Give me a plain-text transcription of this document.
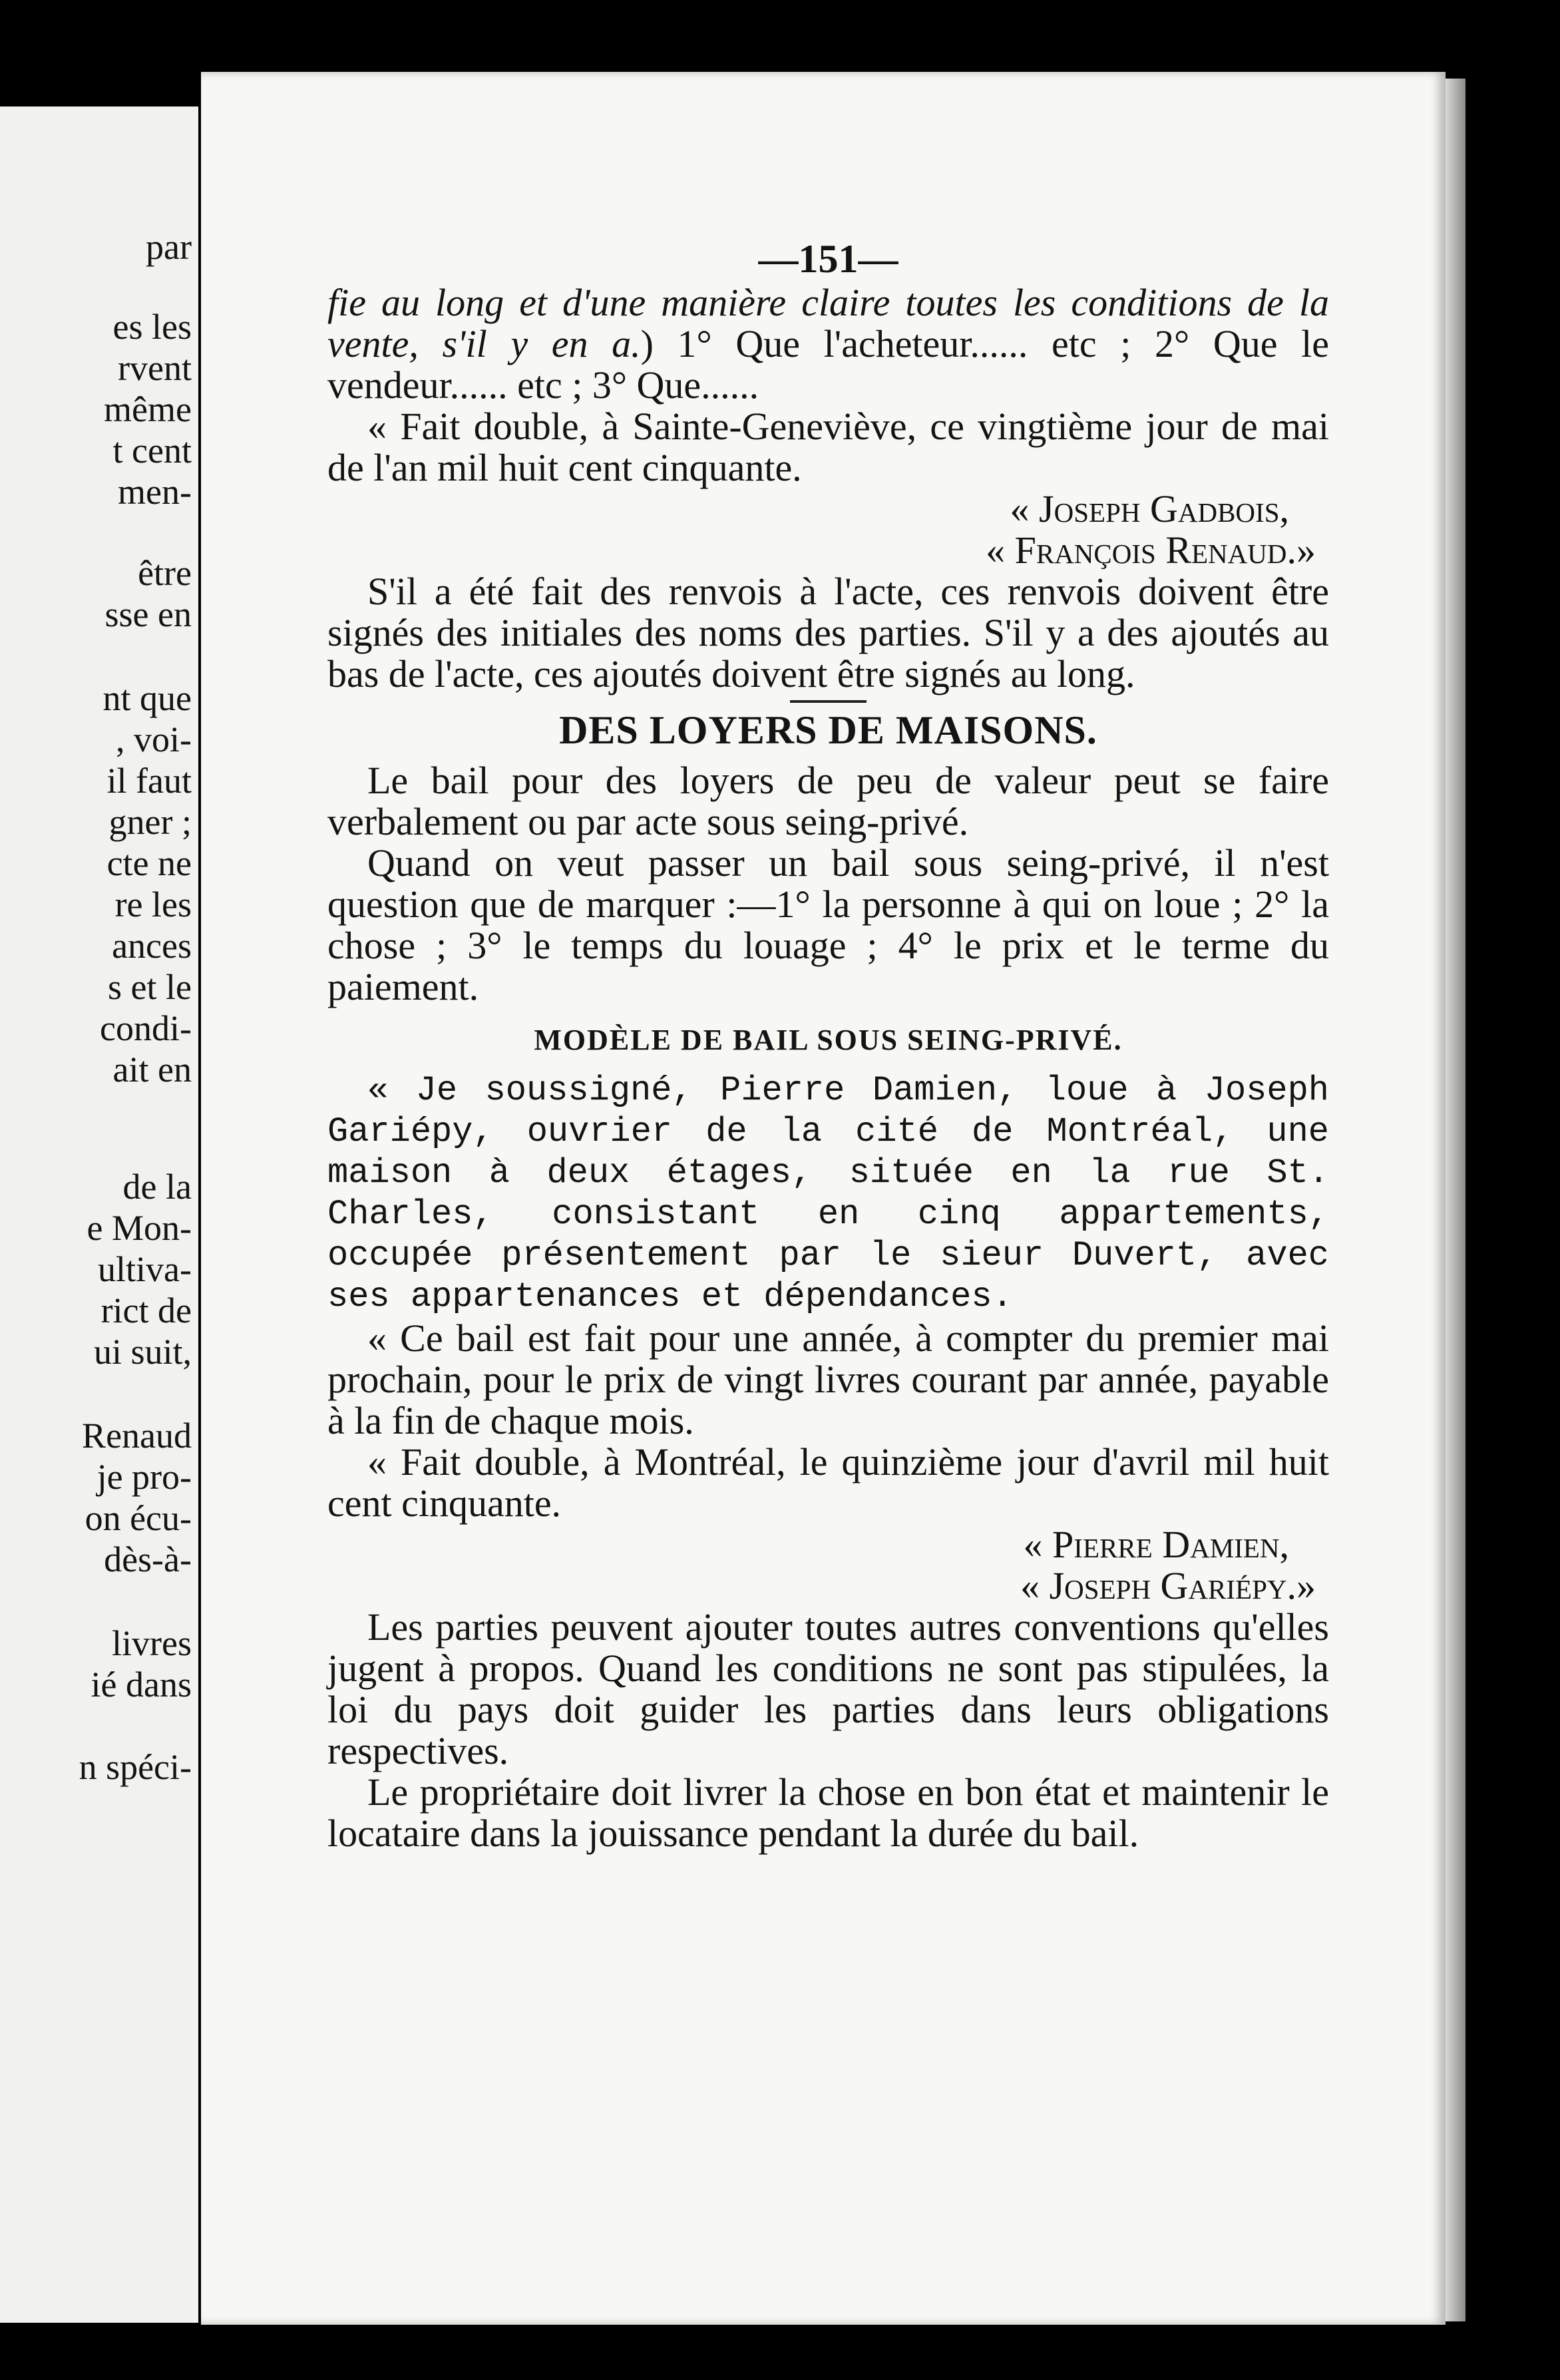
par
es les
rvent
même
t cent
men-
être
sse en
nt que
, voi-
il faut
gner ;
cte ne
re les
ances
s et le
condi-
ait en
de la
e Mon-
ultiva-
rict de
ui suit,
Renaud
je pro-
on écu-
dès-à-
livres
ié dans
n spéci-
—151—

fie au long et d'une manière claire toutes les conditions de la vente, s'il y en a.) 1° Que l'acheteur...... etc ; 2° Que le vendeur...... etc ; 3° Que......

« Fait double, à Sainte-Geneviève, ce vingtième jour de mai de l'an mil huit cent cinquante.

« Joseph Gadbois,

« François Renaud.»

S'il a été fait des renvois à l'acte, ces renvois doivent être signés des initiales des noms des parties. S'il y a des ajoutés au bas de l'acte, ces ajoutés doivent être signés au long.

DES LOYERS DE MAISONS.

Le bail pour des loyers de peu de valeur peut se faire verbalement ou par acte sous seing-privé.

Quand on veut passer un bail sous seing-privé, il n'est question que de marquer :—1° la personne à qui on loue ; 2° la chose ; 3° le temps du louage ; 4° le prix et le terme du paiement.

MODÈLE DE BAIL SOUS SEING-PRIVÉ.

« Je soussigné, Pierre Damien, loue à Joseph Gariépy, ouvrier de la cité de Montréal, une maison à deux étages, située en la rue St. Charles, consistant en cinq appartements, occupée présentement par le sieur Duvert, avec ses appartenances et dépendances.

« Ce bail est fait pour une année, à compter du premier mai prochain, pour le prix de vingt livres courant par année, payable à la fin de chaque mois.

« Fait double, à Montréal, le quinzième jour d'avril mil huit cent cinquante.

« Pierre Damien,

« Joseph Gariépy.»

Les parties peuvent ajouter toutes autres conventions qu'elles jugent à propos. Quand les conditions ne sont pas stipulées, la loi du pays doit guider les parties dans leurs obligations respectives.

Le propriétaire doit livrer la chose en bon état et maintenir le locataire dans la jouissance pendant la durée du bail.
